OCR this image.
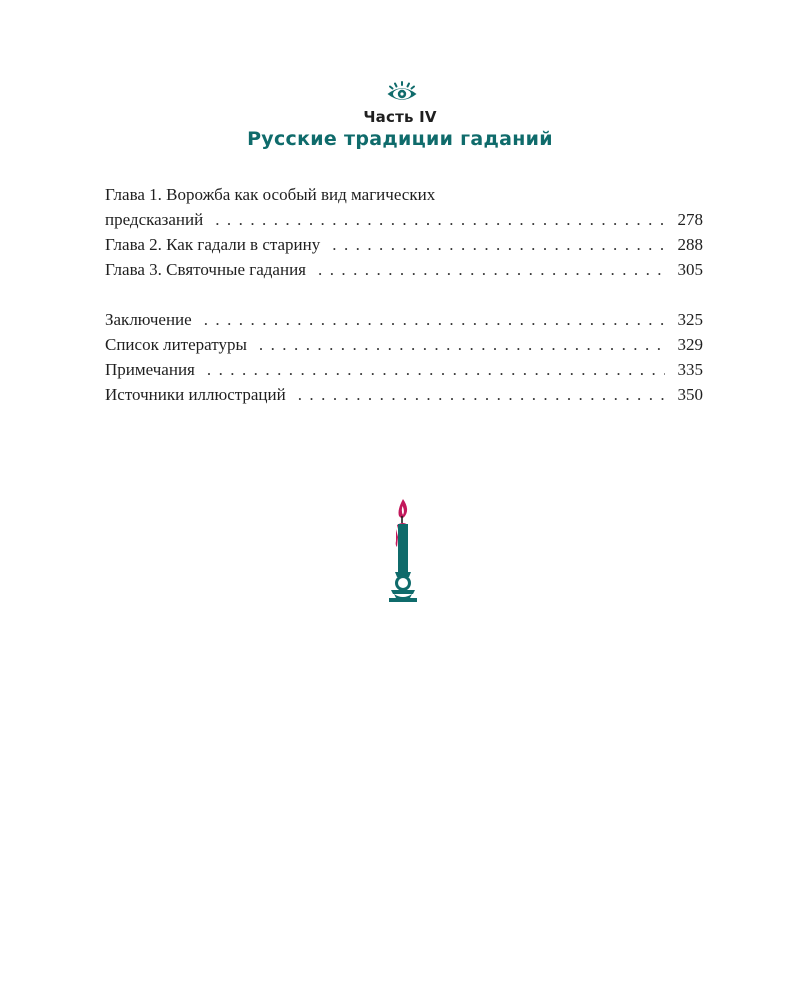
Часть IV
Русские традиции гаданий
Глава 1. Ворожба как особый вид магических
предсказаний . . .	278
Глава 2. Как гадали в старину . . .	288
Глава 3. Святочные гадания . . .	305
Заключение . . .	325
Список литературы . . .	329
Примечания . . .	335
Источники иллюстраций . . .	350
